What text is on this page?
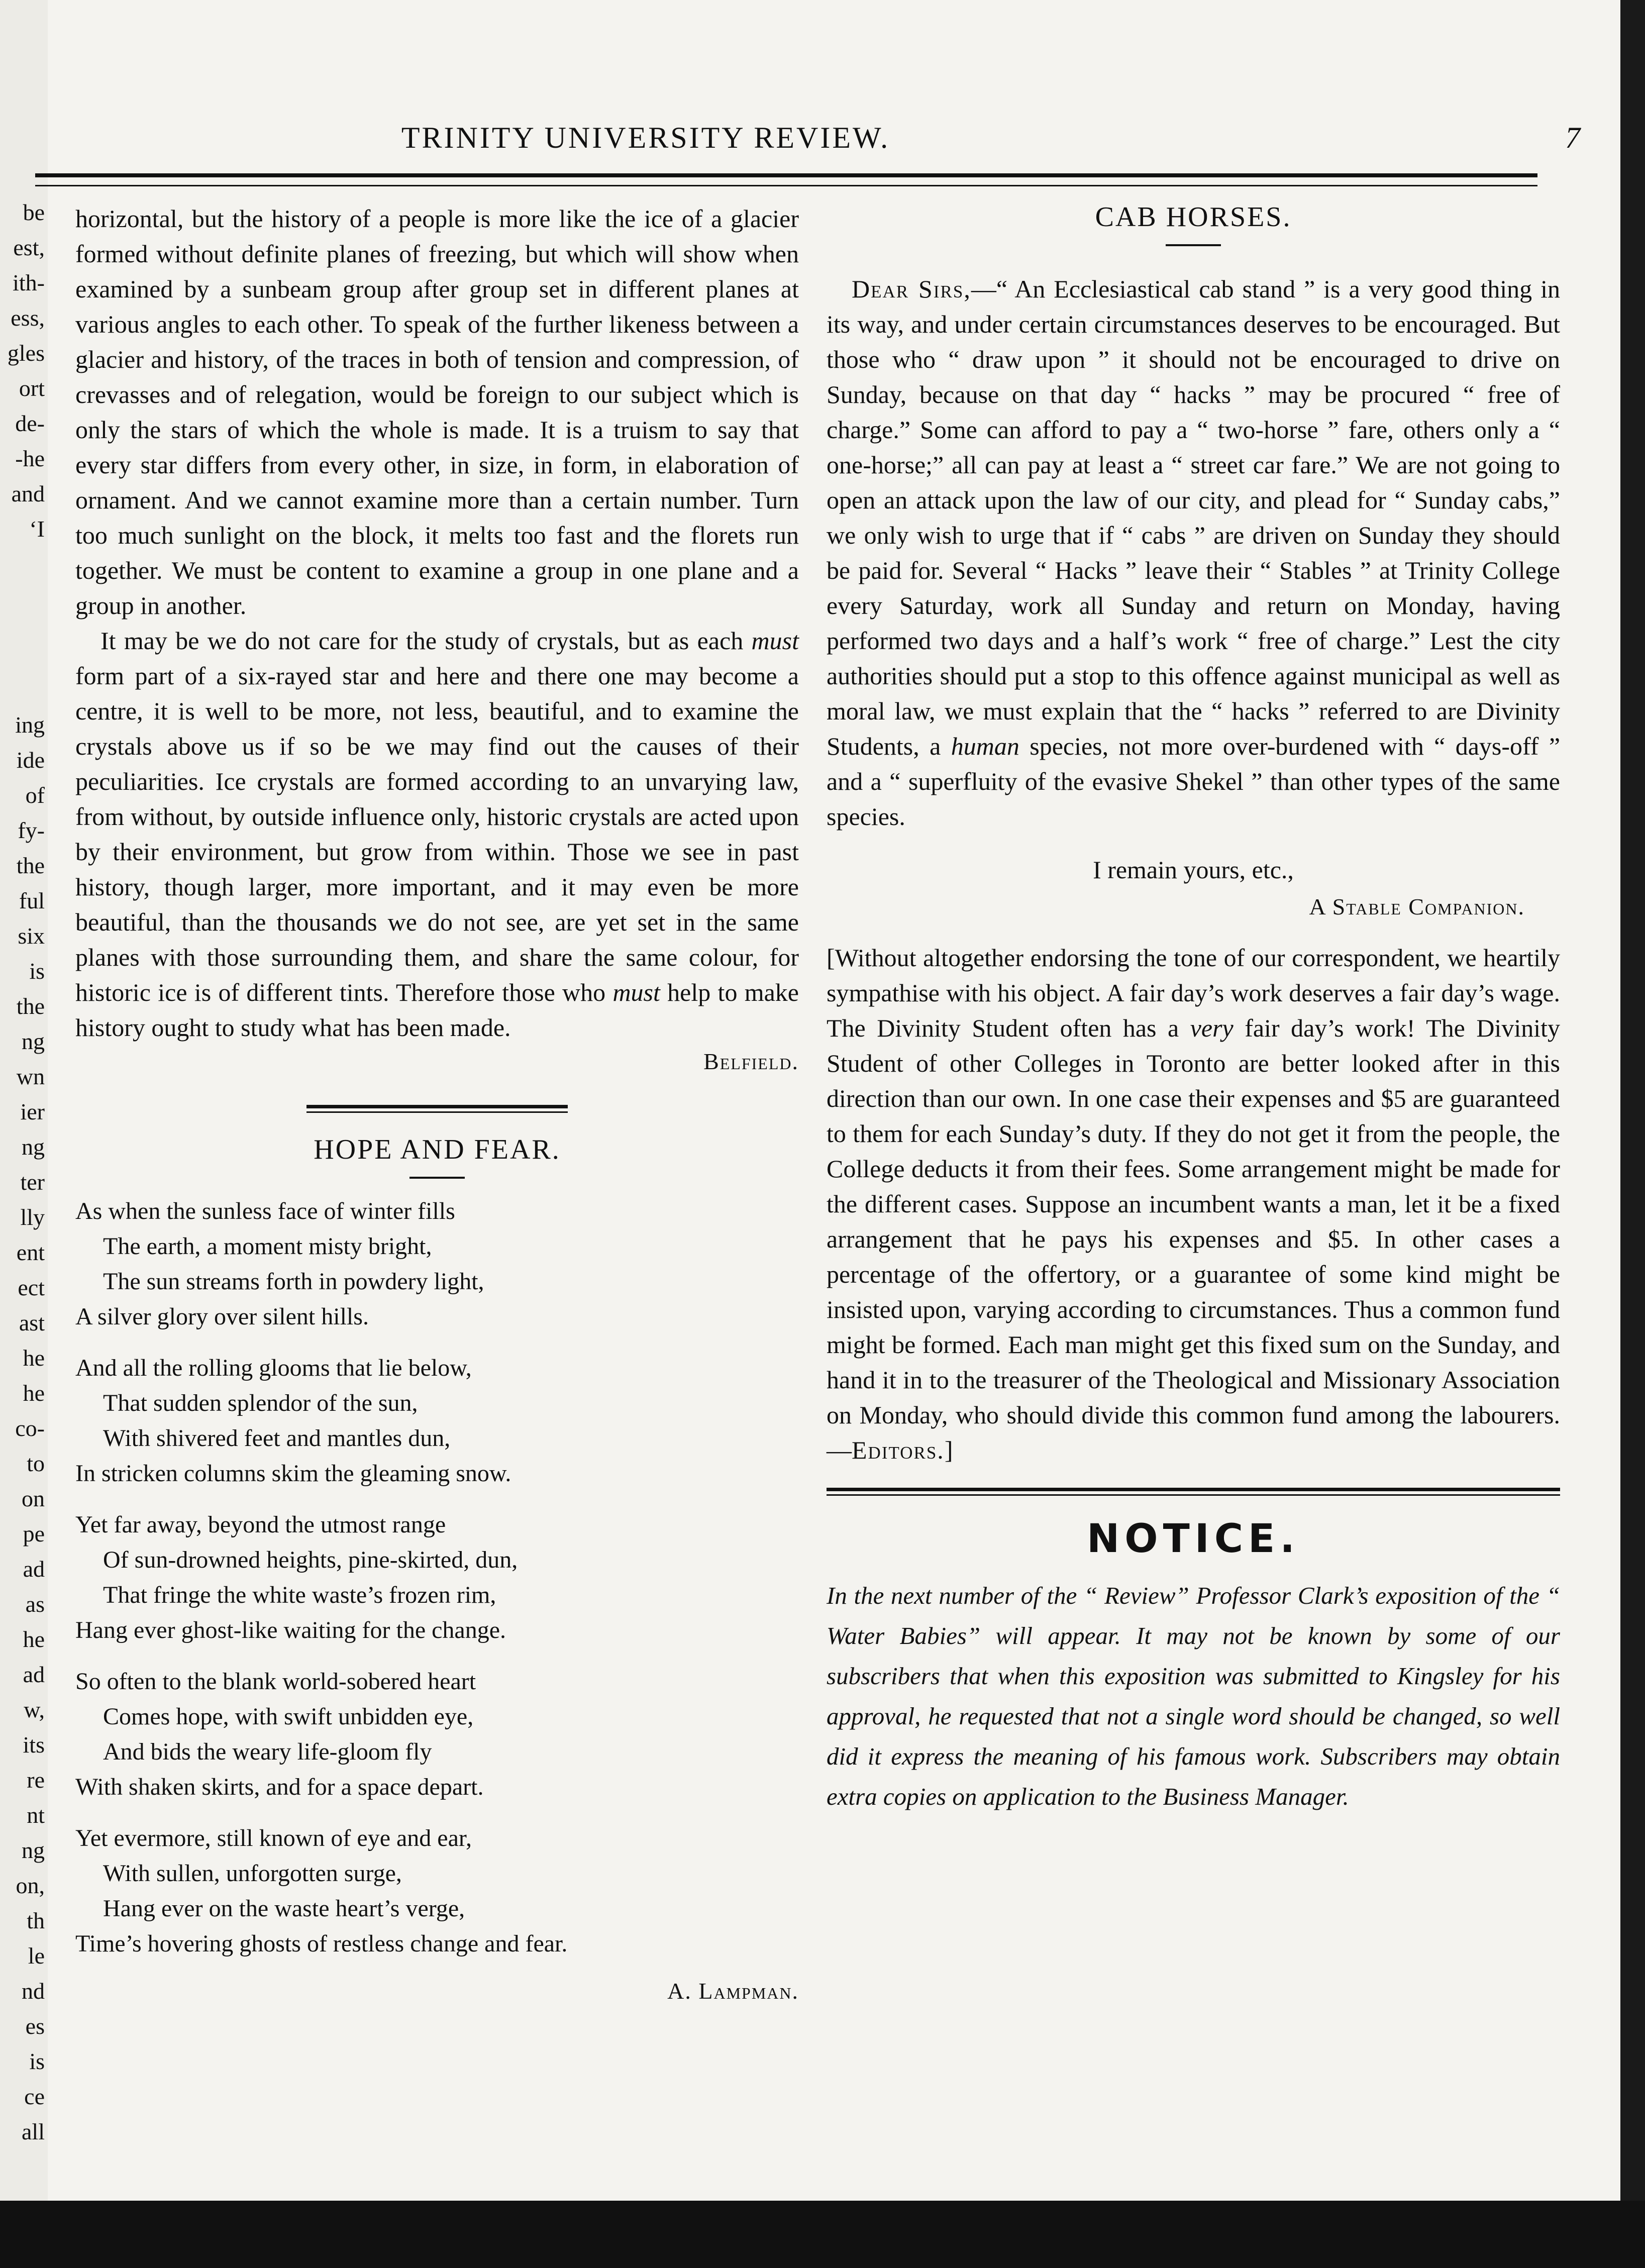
be
est,
ith-
ess,
gles
ort
de-
-he
and
‘I
ing
ide
of
fy-
the
ful
six
is
the
ng
wn
ier
ng
ter
lly
ent
ect
ast
he
he
co-
to
on
pe
ad
as
he
ad
w,
its
re
nt
ng
on,
th
le
nd
es
is
ce
all
TRINITY UNIVERSITY REVIEW.	7

horizontal, but the history of a people is more like the ice of a glacier formed without definite planes of freezing, but which will show when examined by a sunbeam group after group set in different planes at various angles to each other. To speak of the further likeness between a glacier and history, of the traces in both of tension and compression, of crevasses and of relegation, would be foreign to our subject which is only the stars of which the whole is made. It is a truism to say that every star differs from every other, in size, in form, in elaboration of ornament. And we cannot examine more than a certain number. Turn too much sunlight on the block, it melts too fast and the florets run together. We must be content to examine a group in one plane and a group in another.

It may be we do not care for the study of crystals, but as each must form part of a six-rayed star and here and there one may become a centre, it is well to be more, not less, beautiful, and to examine the crystals above us if so be we may find out the causes of their peculiarities. Ice crystals are formed according to an unvarying law, from without, by outside influence only, historic crystals are acted upon by their environment, but grow from within. Those we see in past history, though larger, more important, and it may even be more beautiful, than the thousands we do not see, are yet set in the same planes with those surrounding them, and share the same colour, for historic ice is of different tints. Therefore those who must help to make history ought to study what has been made.

Belfield.

HOPE AND FEAR.

As when the sunless face of winter fills
The earth, a moment misty bright,
The sun streams forth in powdery light,
A silver glory over silent hills.
And all the rolling glooms that lie below,
That sudden splendor of the sun,
With shivered feet and mantles dun,
In stricken columns skim the gleaming snow.
Yet far away, beyond the utmost range
Of sun-drowned heights, pine-skirted, dun,
That fringe the white waste’s frozen rim,
Hang ever ghost-like waiting for the change.
So often to the blank world-sobered heart
Comes hope, with swift unbidden eye,
And bids the weary life-gloom fly
With shaken skirts, and for a space depart.
Yet evermore, still known of eye and ear,
With sullen, unforgotten surge,
Hang ever on the waste heart’s verge,
Time’s hovering ghosts of restless change and fear.

A. Lampman.

CAB HORSES.

Dear Sirs,—“ An Ecclesiastical cab stand ” is a very good thing in its way, and under certain circumstances deserves to be encouraged. But those who “ draw upon ” it should not be encouraged to drive on Sunday, because on that day “ hacks ” may be procured “ free of charge.” Some can afford to pay a “ two-horse ” fare, others only a “ one-horse;” all can pay at least a “ street car fare.” We are not going to open an attack upon the law of our city, and plead for “ Sunday cabs,” we only wish to urge that if “ cabs ” are driven on Sunday they should be paid for. Several “ Hacks ” leave their “ Stables ” at Trinity College every Saturday, work all Sunday and return on Monday, having performed two days and a half’s work “ free of charge.” Lest the city authorities should put a stop to this offence against municipal as well as moral law, we must explain that the “ hacks ” referred to are Divinity Students, a human species, not more over-burdened with “ days-off ” and a “ superfluity of the evasive Shekel ” than other types of the same species.

I remain yours, etc.,

A Stable Companion.

[Without altogether endorsing the tone of our correspondent, we heartily sympathise with his object. A fair day’s work deserves a fair day’s wage. The Divinity Student often has a very fair day’s work! The Divinity Student of other Colleges in Toronto are better looked after in this direction than our own. In one case their expenses and $5 are guaranteed to them for each Sunday’s duty. If they do not get it from the people, the College deducts it from their fees. Some arrangement might be made for the different cases. Suppose an incumbent wants a man, let it be a fixed arrangement that he pays his expenses and $5. In other cases a percentage of the offertory, or a guarantee of some kind might be insisted upon, varying according to circumstances. Thus a common fund might be formed. Each man might get this fixed sum on the Sunday, and hand it in to the treasurer of the Theological and Missionary Association on Monday, who should divide this common fund among the labourers.—Editors.]

NOTICE.

In the next number of the “ Review” Professor Clark’s exposition of the “ Water Babies” will appear. It may not be known by some of our subscribers that when this exposition was submitted to Kingsley for his approval, he requested that not a single word should be changed, so well did it express the meaning of his famous work. Subscribers may obtain extra copies on application to the Business Manager.
